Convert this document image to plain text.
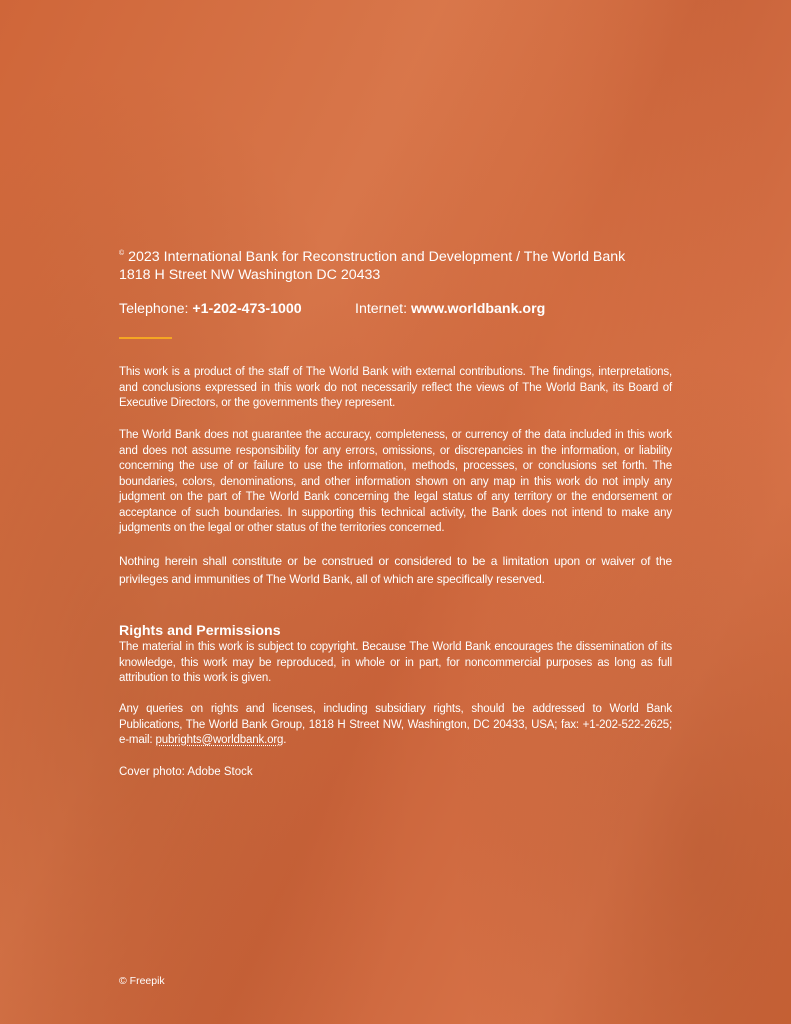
© 2023 International Bank for Reconstruction and Development / The World Bank

1818 H Street NW Washington DC 20433

Telephone: +1-202-473-1000	Internet: www.worldbank.org

This work is a product of the staff of The World Bank with external contributions. The findings, interpretations, and conclusions expressed in this work do not necessarily reflect the views of The World Bank, its Board of Executive Directors, or the governments they represent.

The World Bank does not guarantee the accuracy, completeness, or currency of the data included in this work and does not assume responsibility for any errors, omissions, or discrepancies in the information, or liability concerning the use of or failure to use the information, methods, processes, or conclusions set forth. The boundaries, colors, denominations, and other information shown on any map in this work do not imply any judgment on the part of The World Bank concerning the legal status of any territory or the endorsement or acceptance of such boundaries. In supporting this technical activity, the Bank does not intend to make any judgments on the legal or other status of the territories concerned.

Nothing herein shall constitute or be construed or considered to be a limitation upon or waiver of the privileges and immunities of The World Bank, all of which are specifically reserved.

Rights and Permissions

The material in this work is subject to copyright. Because The World Bank encourages the dissemination of its knowledge, this work may be reproduced, in whole or in part, for noncommercial purposes as long as full attribution to this work is given.

Any queries on rights and licenses, including subsidiary rights, should be addressed to World Bank Publications, The World Bank Group, 1818 H Street NW, Washington, DC 20433, USA; fax: +1-202-522-2625; e-mail: pubrights@worldbank.org.

Cover photo: Adobe Stock

© Freepik
